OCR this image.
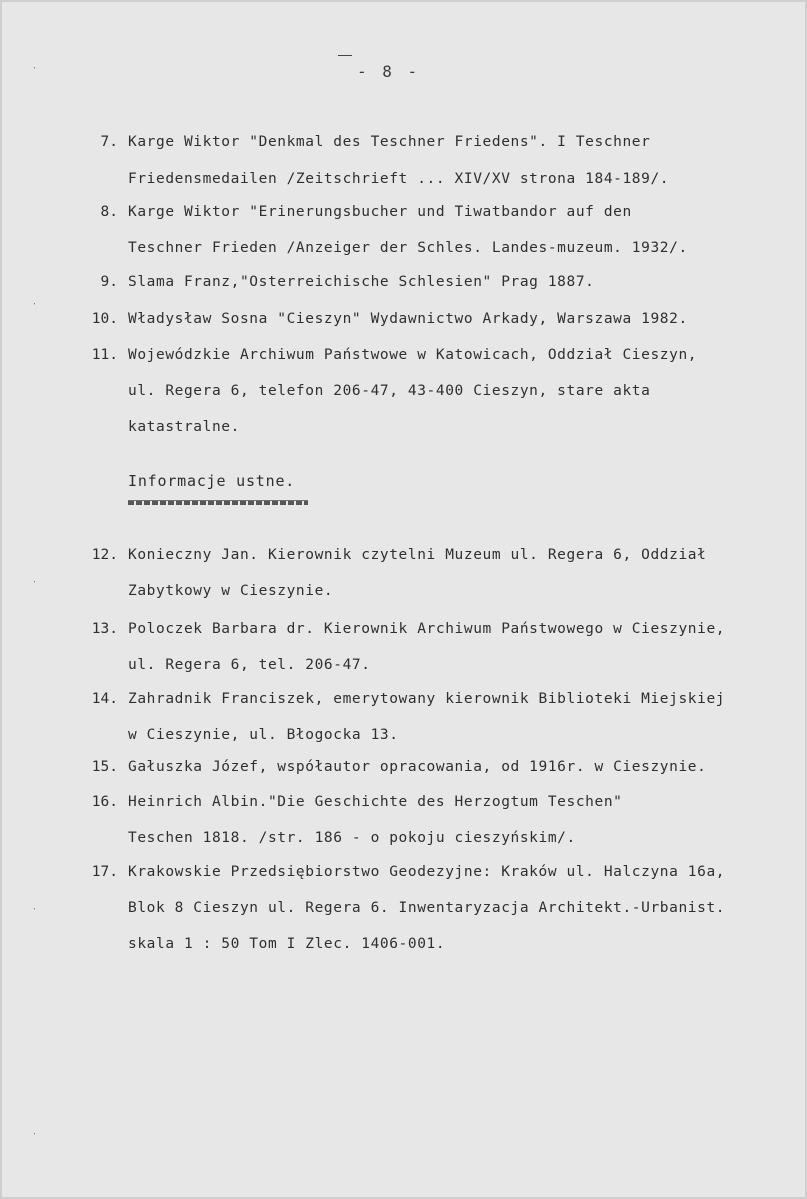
- 8 -
‧
‧
‧
‧
‧
7. Karge Wiktor "Denkmal des Teschner Friedens". I Teschner
Friedensmedailen /Zeitschrieft ... XIV/XV strona 184-189/.
8. Karge Wiktor "Erinerungsbucher und Tiwatbandor auf den
Teschner Frieden /Anzeiger der Schles. Landes-muzeum. 1932/.
9. Slama Franz,"Osterreichische Schlesien" Prag 1887.
10. Władysław Sosna "Cieszyn" Wydawnictwo Arkady, Warszawa 1982.
11. Wojewódzkie Archiwum Państwowe w Katowicach, Oddział Cieszyn,
ul. Regera 6, telefon 206-47, 43-400 Cieszyn, stare akta
katastralne.
Informacje ustne.
12. Konieczny Jan. Kierownik czytelni Muzeum ul. Regera 6, Oddział
Zabytkowy w Cieszynie.
13. Poloczek Barbara dr. Kierownik Archiwum Państwowego w Cieszynie,
ul. Regera 6, tel. 206-47.
14. Zahradnik Franciszek, emerytowany kierownik Biblioteki Miejskiej
w Cieszynie, ul. Błogocka 13.
15. Gałuszka Józef, współautor opracowania, od 1916r. w Cieszynie.
16. Heinrich Albin."Die Geschichte des Herzogtum Teschen"
Teschen 1818. /str. 186 - o pokoju cieszyńskim/.
17. Krakowskie Przedsiębiorstwo Geodezyjne: Kraków ul. Halczyna 16a,
Blok 8 Cieszyn ul. Regera 6. Inwentaryzacja Architekt.-Urbanist.
skala 1 : 50 Tom I Zlec. 1406-001.
